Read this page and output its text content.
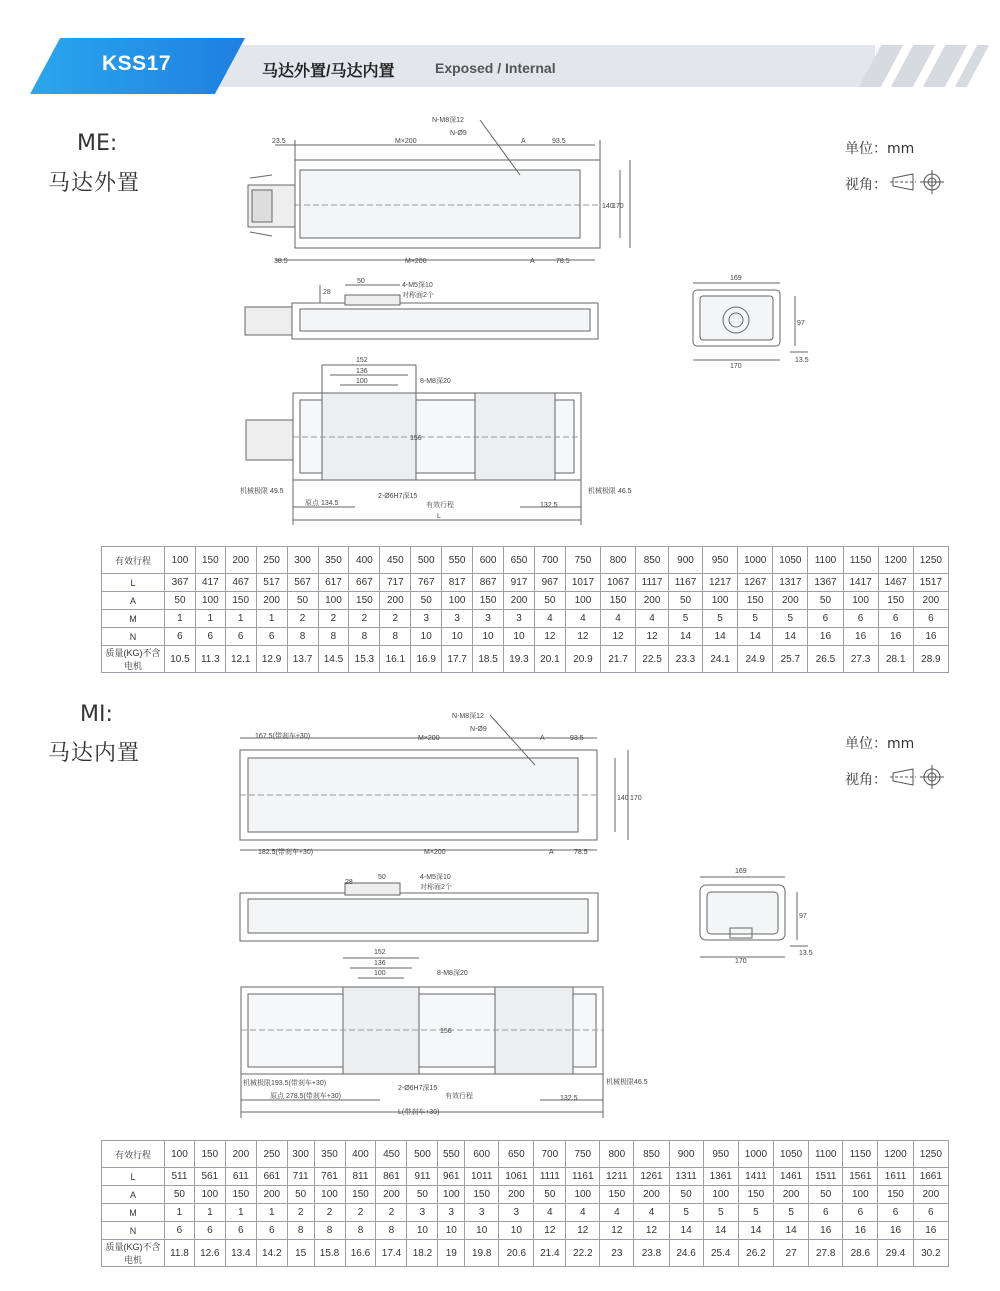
KSS17	马达外置/马达内置	Exposed / Internal
ME:
马达外置
单位：mm
视角：
MI:
马达内置	单位：mm
视角：
N-M8深12
N-Ø9
23.5	M×200	A	93.5
38.5	M×200	A	78.5
140
170
50
28
4-M5深10
对称面2个
169
97
170
13.5
152
136
100	8-M8深20
156
机械极限 49.5
原点 134.5
2-Ø6H7深15
有效行程
机械极限 46.5
132.5
L
N-M8深12
N-Ø9
167.5(带刹车+30)	M×200	A	93.5
182.5(带刹车+30)	M×200	A	78.5
140 170
50
28
4-M5深10
对称面2个
169
97
170
13.5
152
136
100	8-M8深20
156
机械极限193.5(带刹车+30)
原点 278.5(带刹车+30)
2-Ø6H7深15
有效行程
机械极限46.5
132.5
L(带刹车+30)
有效行程	100	150	200	250	300	350	400	450	500	550	600	650	700	750	800	850	900	950	1000	1050	1100	1150	1200	1250
L	367	417	467	517	567	617	667	717	767	817	867	917	967	1017	1067	1117	1167	1217	1267	1317	1367	1417	1467	1517
A	50	100	150	200	50	100	150	200	50	100	150	200	50	100	150	200	50	100	150	200	50	100	150	200
M	1	1	1	1	2	2	2	2	3	3	3	3	4	4	4	4	5	5	5	5	6	6	6	6
N	6	6	6	6	8	8	8	8	10	10	10	10	12	12	12	12	14	14	14	14	16	16	16	16
质量(KG)不含电机	10.5	11.3	12.1	12.9	13.7	14.5	15.3	16.1	16.9	17.7	18.5	19.3	20.1	20.9	21.7	22.5	23.3	24.1	24.9	25.7	26.5	27.3	28.1	28.9
有效行程	100	150	200	250	300	350	400	450	500	550	600	650	700	750	800	850	900	950	1000	1050	1100	1150	1200	1250
L	511	561	611	661	711	761	811	861	911	961	1011	1061	1111	1161	1211	1261	1311	1361	1411	1461	1511	1561	1611	1661
A	50	100	150	200	50	100	150	200	50	100	150	200	50	100	150	200	50	100	150	200	50	100	150	200
M	1	1	1	1	2	2	2	2	3	3	3	3	4	4	4	4	5	5	5	5	6	6	6	6
N	6	6	6	6	8	8	8	8	10	10	10	10	12	12	12	12	14	14	14	14	16	16	16	16
质量(KG)不含电机	11.8	12.6	13.4	14.2	15	15.8	16.6	17.4	18.2	19	19.8	20.6	21.4	22.2	23	23.8	24.6	25.4	26.2	27	27.8	28.6	29.4	30.2
